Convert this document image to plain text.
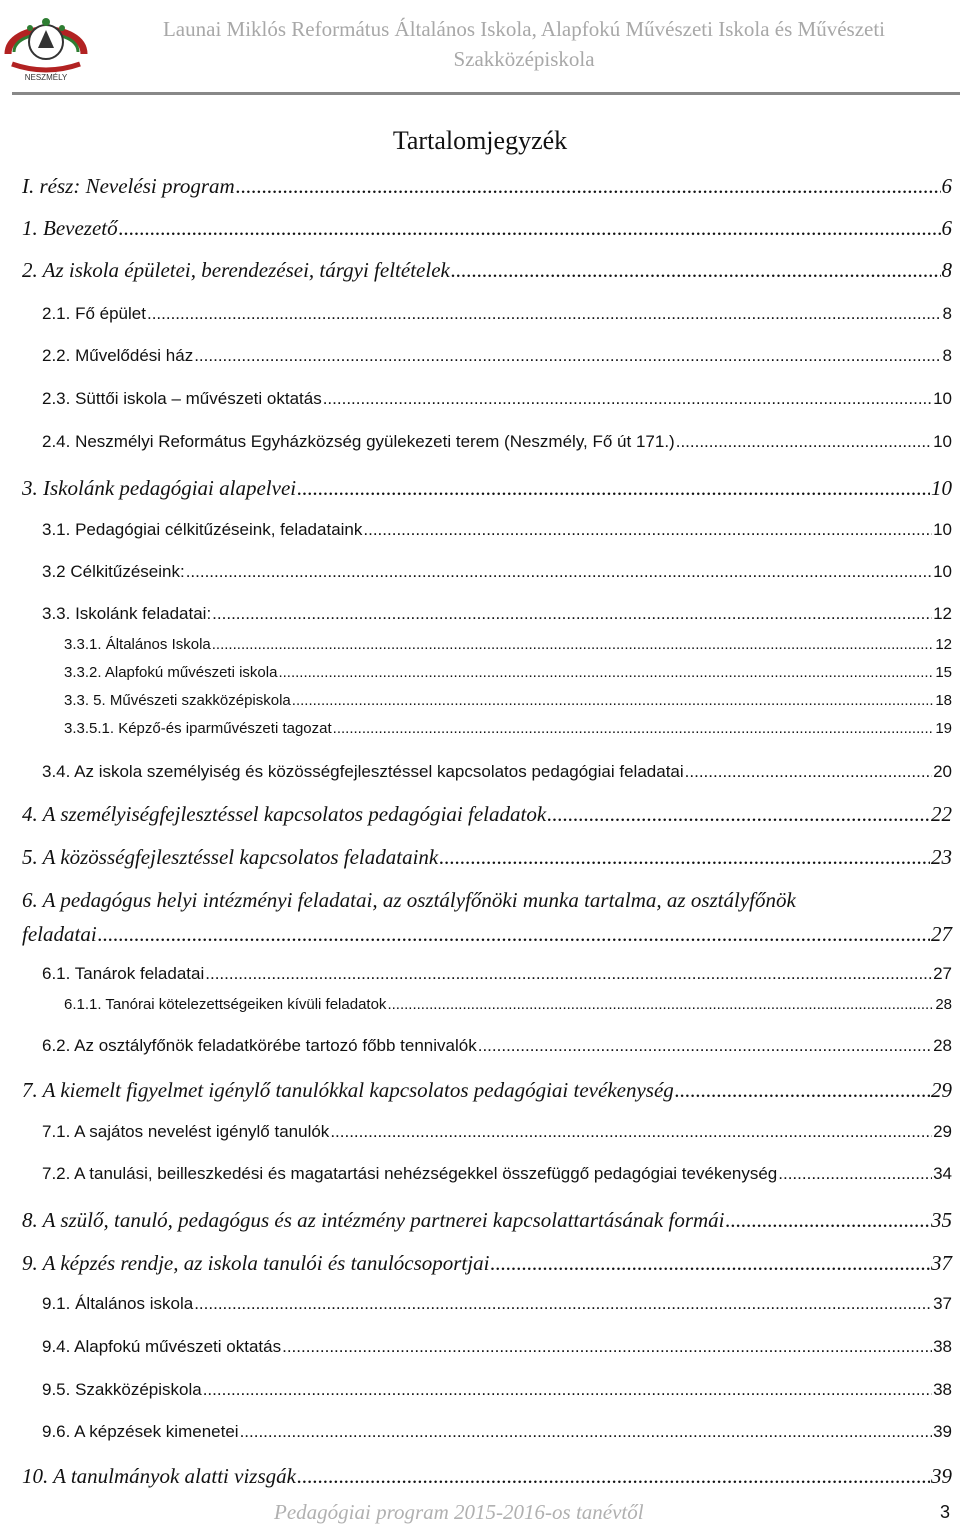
NESZMÉLY
Launai Miklós Református Általános Iskola, Alapfokú Művészeti Iskola és Művészeti Szakközépiskola
Tartalomjegyzék
I. rész: Nevelési program .....	6
1. Bevezető .....	6
2. Az iskola épületei, berendezései, tárgyi feltételek .....	8
2.1. Fő épület .....	8
2.2. Művelődési ház .....	8
2.3. Süttői iskola – művészeti oktatás .....	10
2.4. Neszmélyi Református Egyházközség gyülekezeti terem (Neszmély, Fő út 171.) .....	10
3. Iskolánk pedagógiai alapelvei .....	10
3.1. Pedagógiai célkitűzéseink, feladataink .....	10
3.2 Célkitűzéseink: .....	10
3.3. Iskolánk feladatai: .....	12
3.3.1. Általános Iskola .....	12
3.3.2. Alapfokú művészeti iskola .....	15
3.3. 5. Művészeti szakközépiskola .....	18
3.3.5.1. Képző-és iparművészeti tagozat .....	19
3.4. Az iskola személyiség és közösségfejlesztéssel kapcsolatos pedagógiai feladatai .....	20
4. A személyiségfejlesztéssel kapcsolatos pedagógiai feladatok .....	22
5. A közösségfejlesztéssel kapcsolatos feladataink .....	23
6. A pedagógus helyi intézményi feladatai, az osztályfőnöki munka tartalma, az osztályfőnök
feladatai .....	27
6.1. Tanárok feladatai .....	27
6.1.1. Tanórai kötelezettségeiken kívüli feladatok .....	28
6.2. Az osztályfőnök feladatkörébe tartozó főbb tennivalók .....	28
7. A kiemelt figyelmet igénylő tanulókkal kapcsolatos pedagógiai tevékenység .....	29
7.1. A sajátos nevelést igénylő tanulók .....	29
7.2. A tanulási, beilleszkedési és magatartási nehézségekkel összefüggő pedagógiai tevékenység .....	34
8. A szülő, tanuló, pedagógus és az intézmény partnerei kapcsolattartásának formái .....	35
9. A képzés rendje, az iskola tanulói és tanulócsoportjai .....	37
9.1. Általános iskola .....	37
9.4. Alapfokú művészeti oktatás .....	38
9.5. Szakközépiskola .....	38
9.6. A képzések kimenetei .....	39
10. A tanulmányok alatti vizsgák .....	39
Pedagógiai program 2015-2016-os tanévtől	3
